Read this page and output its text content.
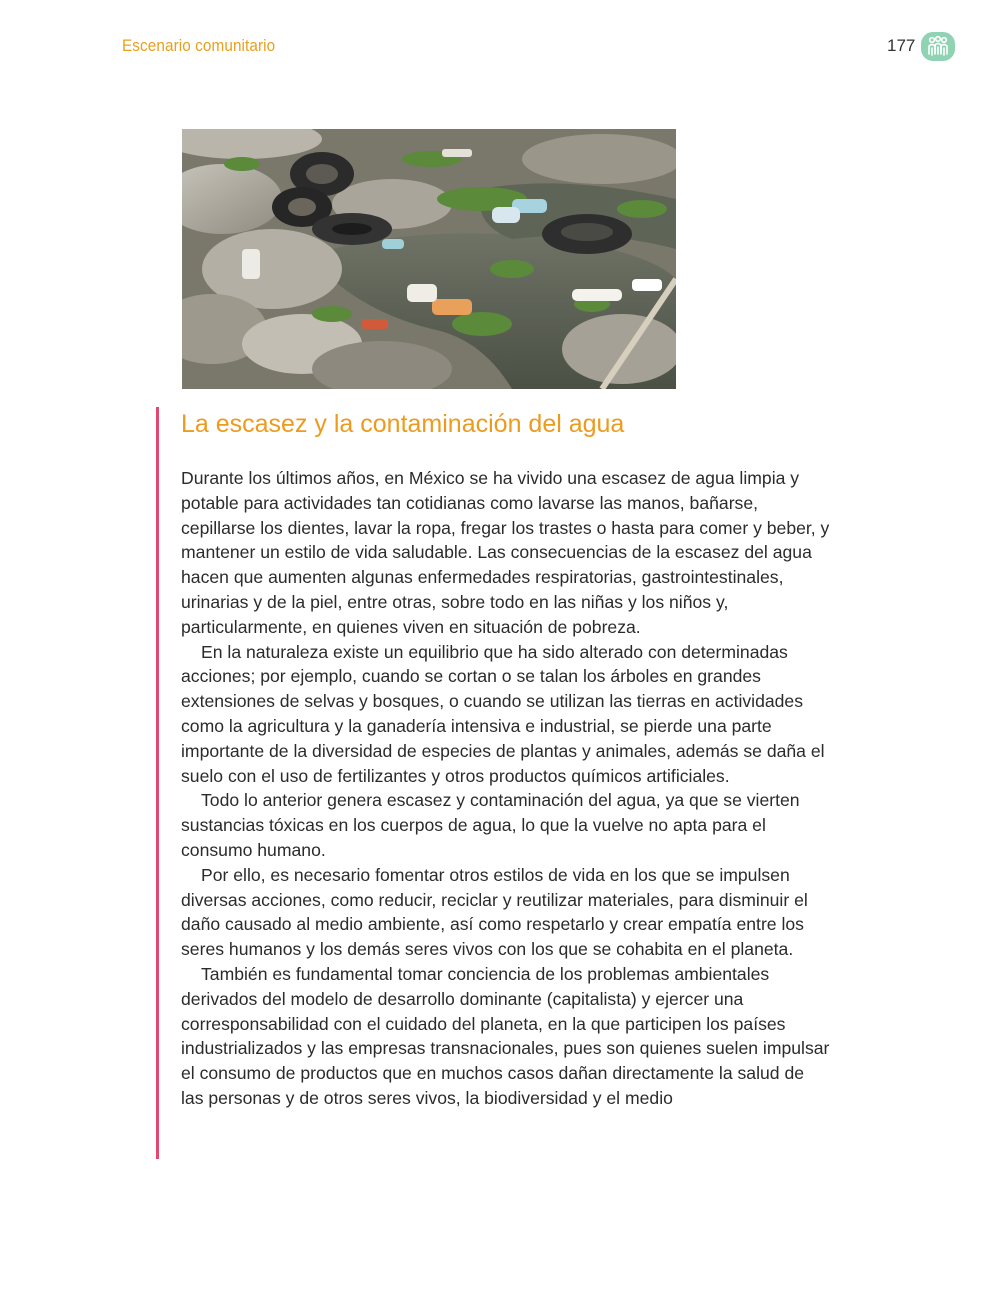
Escenario comunitario	177
La escasez y la contaminación del agua

Durante los últimos años, en México se ha vivido una escasez de agua limpia y potable para actividades tan cotidianas como lavarse las manos, bañarse, cepillarse los dientes, lavar la ropa, fregar los trastes o hasta para comer y beber, y mantener un estilo de vida saludable. Las consecuencias de la escasez del agua hacen que aumenten algunas enfermedades respiratorias, gastrointestinales, urinarias y de la piel, entre otras, sobre todo en las niñas y los niños y, particularmente, en quienes viven en situación de pobreza.

En la naturaleza existe un equilibrio que ha sido alterado con determinadas acciones; por ejemplo, cuando se cortan o se talan los árboles en grandes extensiones de selvas y bosques, o cuando se utilizan las tierras en actividades como la agricultura y la ganadería intensiva e industrial, se pierde una parte importante de la diversidad de especies de plantas y animales, además se daña el suelo con el uso de fertilizantes y otros productos químicos artificiales.

Todo lo anterior genera escasez y contaminación del agua, ya que se vierten sustancias tóxicas en los cuerpos de agua, lo que la vuelve no apta para el consumo humano.

Por ello, es necesario fomentar otros estilos de vida en los que se impulsen diversas acciones, como reducir, reciclar y reutilizar materiales, para disminuir el daño causado al medio ambiente, así como respetarlo y crear empatía entre los seres humanos y los demás seres vivos con los que se cohabita en el planeta.

También es fundamental tomar conciencia de los problemas ambientales derivados del modelo de desarrollo dominante (capitalista) y ejercer una corresponsabilidad con el cuidado del planeta, en la que participen los países industrializados y las empresas transnacionales, pues son quienes suelen impulsar el consumo de productos que en muchos casos dañan directamente la salud de las personas y de otros seres vivos, la biodiversidad y el medio
